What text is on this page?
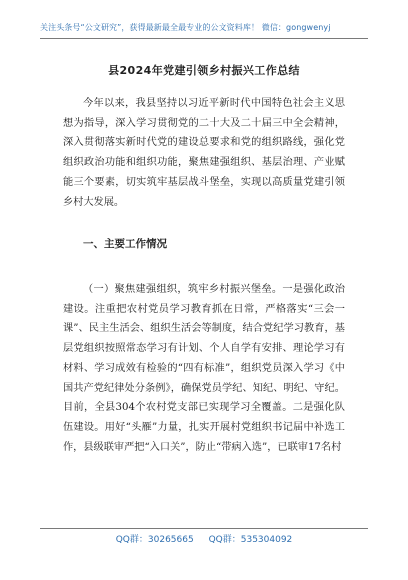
关注头条号“公文研究”，获得最新最全最专业的公文资料库！ 微信：gongwenyj
县2024年党建引领乡村振兴工作总结
今年以来，我县坚持以习近平新时代中国特色社会主义思想为指导，深入学习贯彻党的二十大及二十届三中全会精神，深入贯彻落实新时代党的建设总要求和党的组织路线，强化党组织政治功能和组织功能，聚焦建强组织、基层治理、产业赋能三个要素，切实筑牢基层战斗堡垒，实现以高质量党建引领乡村大发展。
一、主要工作情况
（一）聚焦建强组织，筑牢乡村振兴堡垒。一是强化政治建设。注重把农村党员学习教育抓在日常，严格落实“三会一课”、民主生活会、组织生活会等制度，结合党纪学习教育，基层党组织按照常态学习有计划、个人自学有安排、理论学习有材料、学习成效有检验的“四有标准”，组织党员深入学习《中国共产党纪律处分条例》，确保党员学纪、知纪、明纪、守纪。目前，全县304个农村党支部已实现学习全覆盖。二是强化队伍建设。用好“头雁”力量，扎实开展村党组织书记届中补选工作，县级联审严把“入口关”，防止“带病入选”，已联审17名村
QQ群：30265665 QQ群：535304092
